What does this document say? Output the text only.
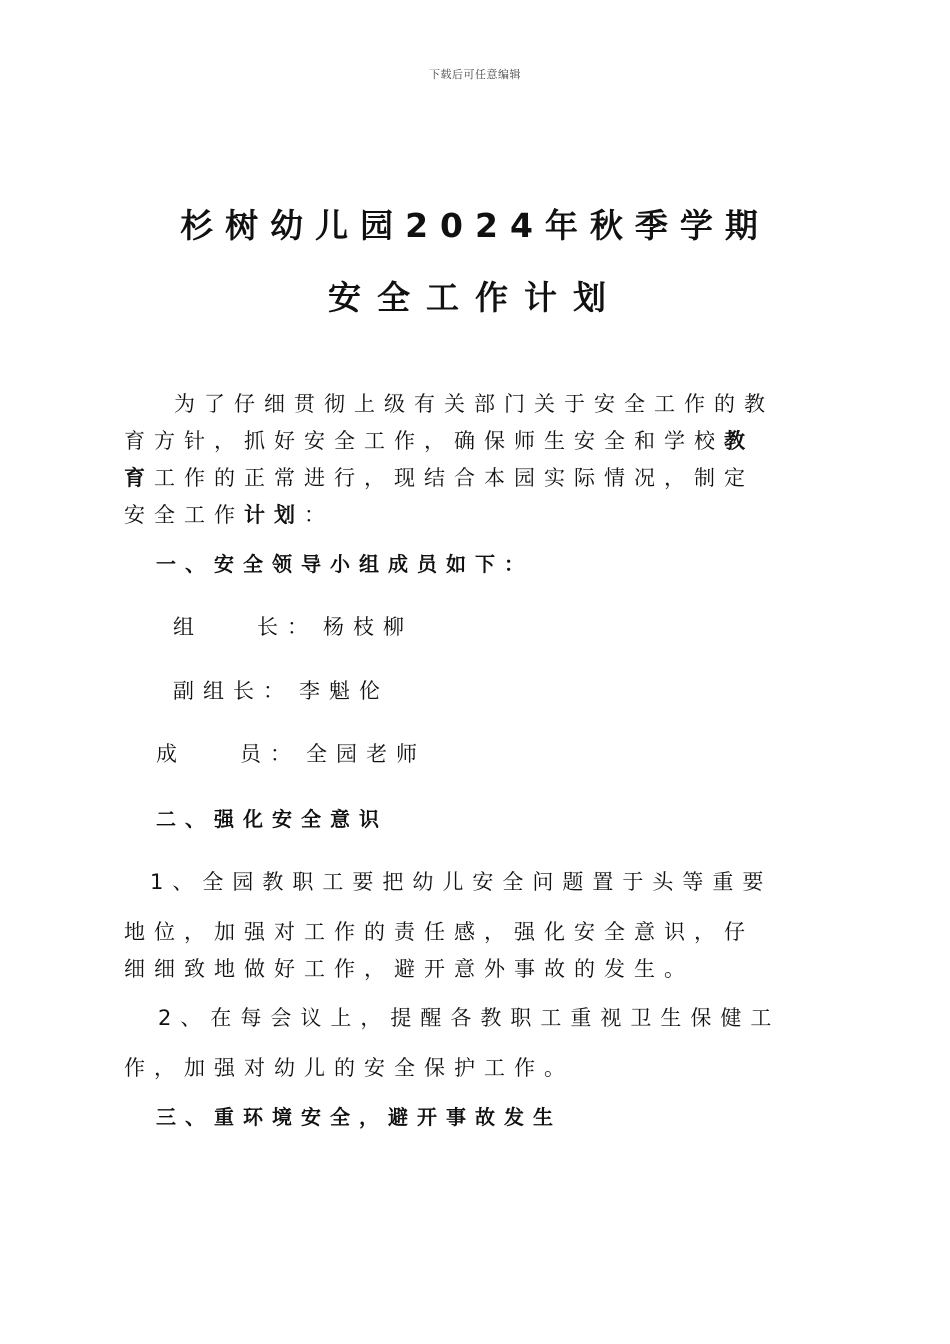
下载后可任意编辑
杉树幼儿园2024年秋季学期
安全工作计划
为了仔细贯彻上级有关部门关于安全工作的教
育方针，抓好安全工作，确保师生安全和学校教
育工作的正常进行，现结合本园实际情况，制定
安全工作计划：
一、安全领导小组成员如下：
组	长： 杨枝柳
副组长： 李魁伦
成	员： 全园老师
二、强化安全意识
1、全园教职工要把幼儿安全问题置于头等重要
地位，加强对工作的责任感，强化安全意识，仔
细细致地做好工作，避开意外事故的发生。
2、在每会议上，提醒各教职工重视卫生保健工
作，加强对幼儿的安全保护工作。
三、重环境安全，避开事故发生
